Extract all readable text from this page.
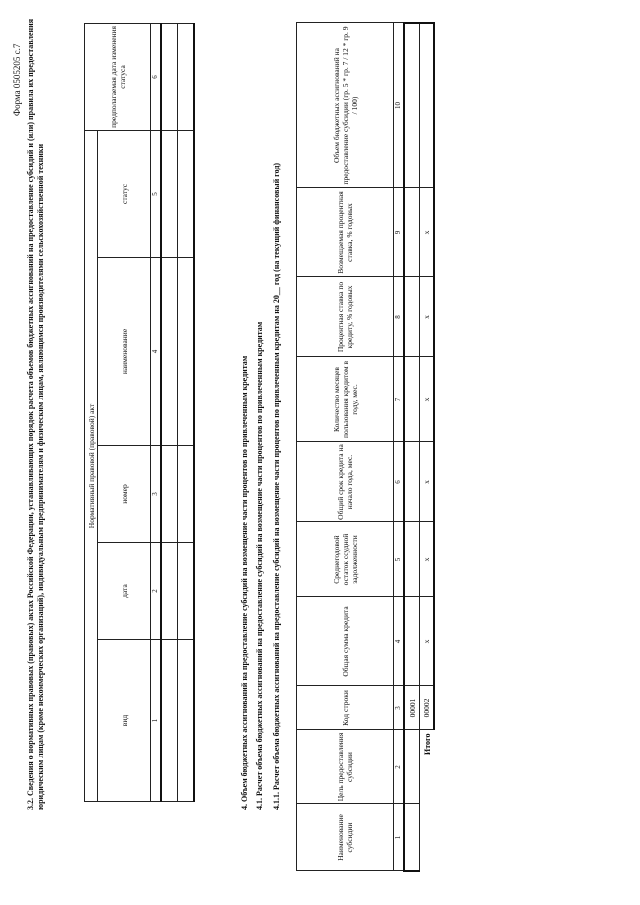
Форма 0505205 с.7 3.2. Сведения о нормативных правовых (правовых) актах Российской Федерации, устанавливающих порядок расчета объемов бюджетных ассигнований на предоставление субсидий и (или) правила их предоставления юридическим лицам (кроме некоммерческих организаций), индивидуальным предпринимателям и физическим лицам, являющимся производителями сельскохозяйственной техники	Нормативный правовой (правовой) акт					предполагаемая дата изменения статуса
вид	дата	номер	наименование	статус	
1	2	3	4	5	6

4. Объем бюджетных ассигнований на предоставление субсидий на возмещение части процентов по привлеченным кредитам 4.1. Расчет объема бюджетных ассигнований на предоставление субсидий на возмещение части процентов по привлеченным кредитам 4.1.1. Расчет объема бюджетных ассигнований на предоставление субсидий на возмещение части процентов по привлеченным кредитам на 20__ год (на текущий финансовый год)
Наименование субсидии	Цель предоставления субсидии	Код строки	Общая сумма кредита	Среднегодовой остаток ссудной задолженности	Общий срок кредита на начало года, мес.	Количество месяцев пользования кредитом в году, мес.	Процентная ставка по кредиту, % годовых	Возмещаемая процентная ставка, % годовых	Объем бюджетных ассигнований на предоставление субсидии (гр. 5 * гр. 7 / 12 * гр. 9 / 100)
1	2	3	4	5	6	7	8	9	10
		00001							
Итого		00002	x	x	x	x	x	x	
